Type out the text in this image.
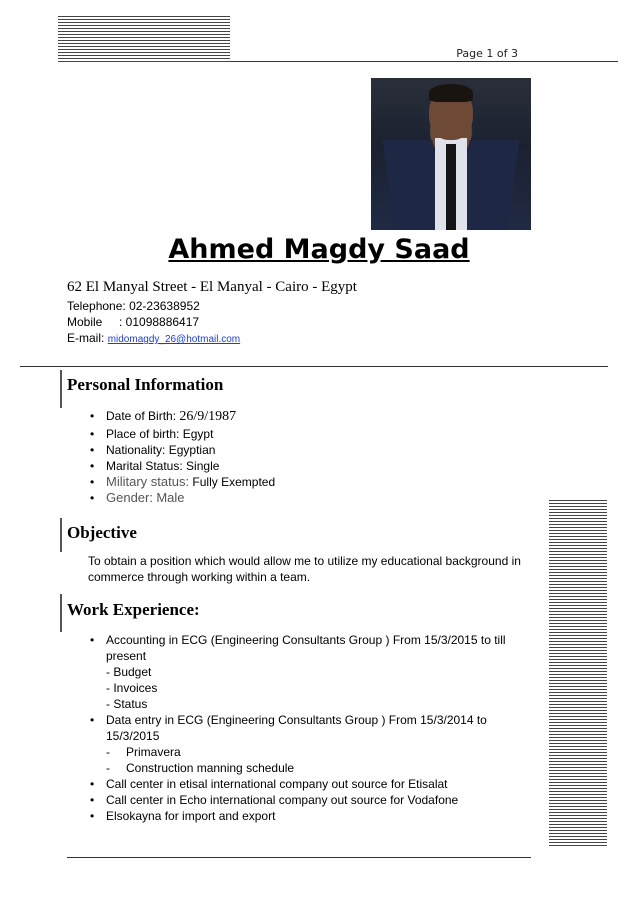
Page 1 of 3
Ahmed Magdy Saad
62 El Manyal Street - El Manyal - Cairo - Egypt
Telephone: 02-23638952
Mobile : 01098886417
E-mail: midomagdy_26@hotmail.com
Personal Information
• Date of Birth: 26/9/1987
• Place of birth: Egypt
• Nationality: Egyptian
• Marital Status: Single
• Military status: Fully Exempted
• Gender: Male
Objective
To obtain a position which would allow me to utilize my educational background in commerce through working within a team.
Work Experience:
• Accounting in ECG (Engineering Consultants Group ) From 15/3/2015 to till
present
- Budget
- Invoices
- Status
• Data entry in ECG (Engineering Consultants Group ) From 15/3/2014 to 15/3/2015
- Primavera
- Construction manning schedule
• Call center in etisal international company out source for Etisalat
• Call center in Echo international company out source for Vodafone
• Elsokayna for import and export
